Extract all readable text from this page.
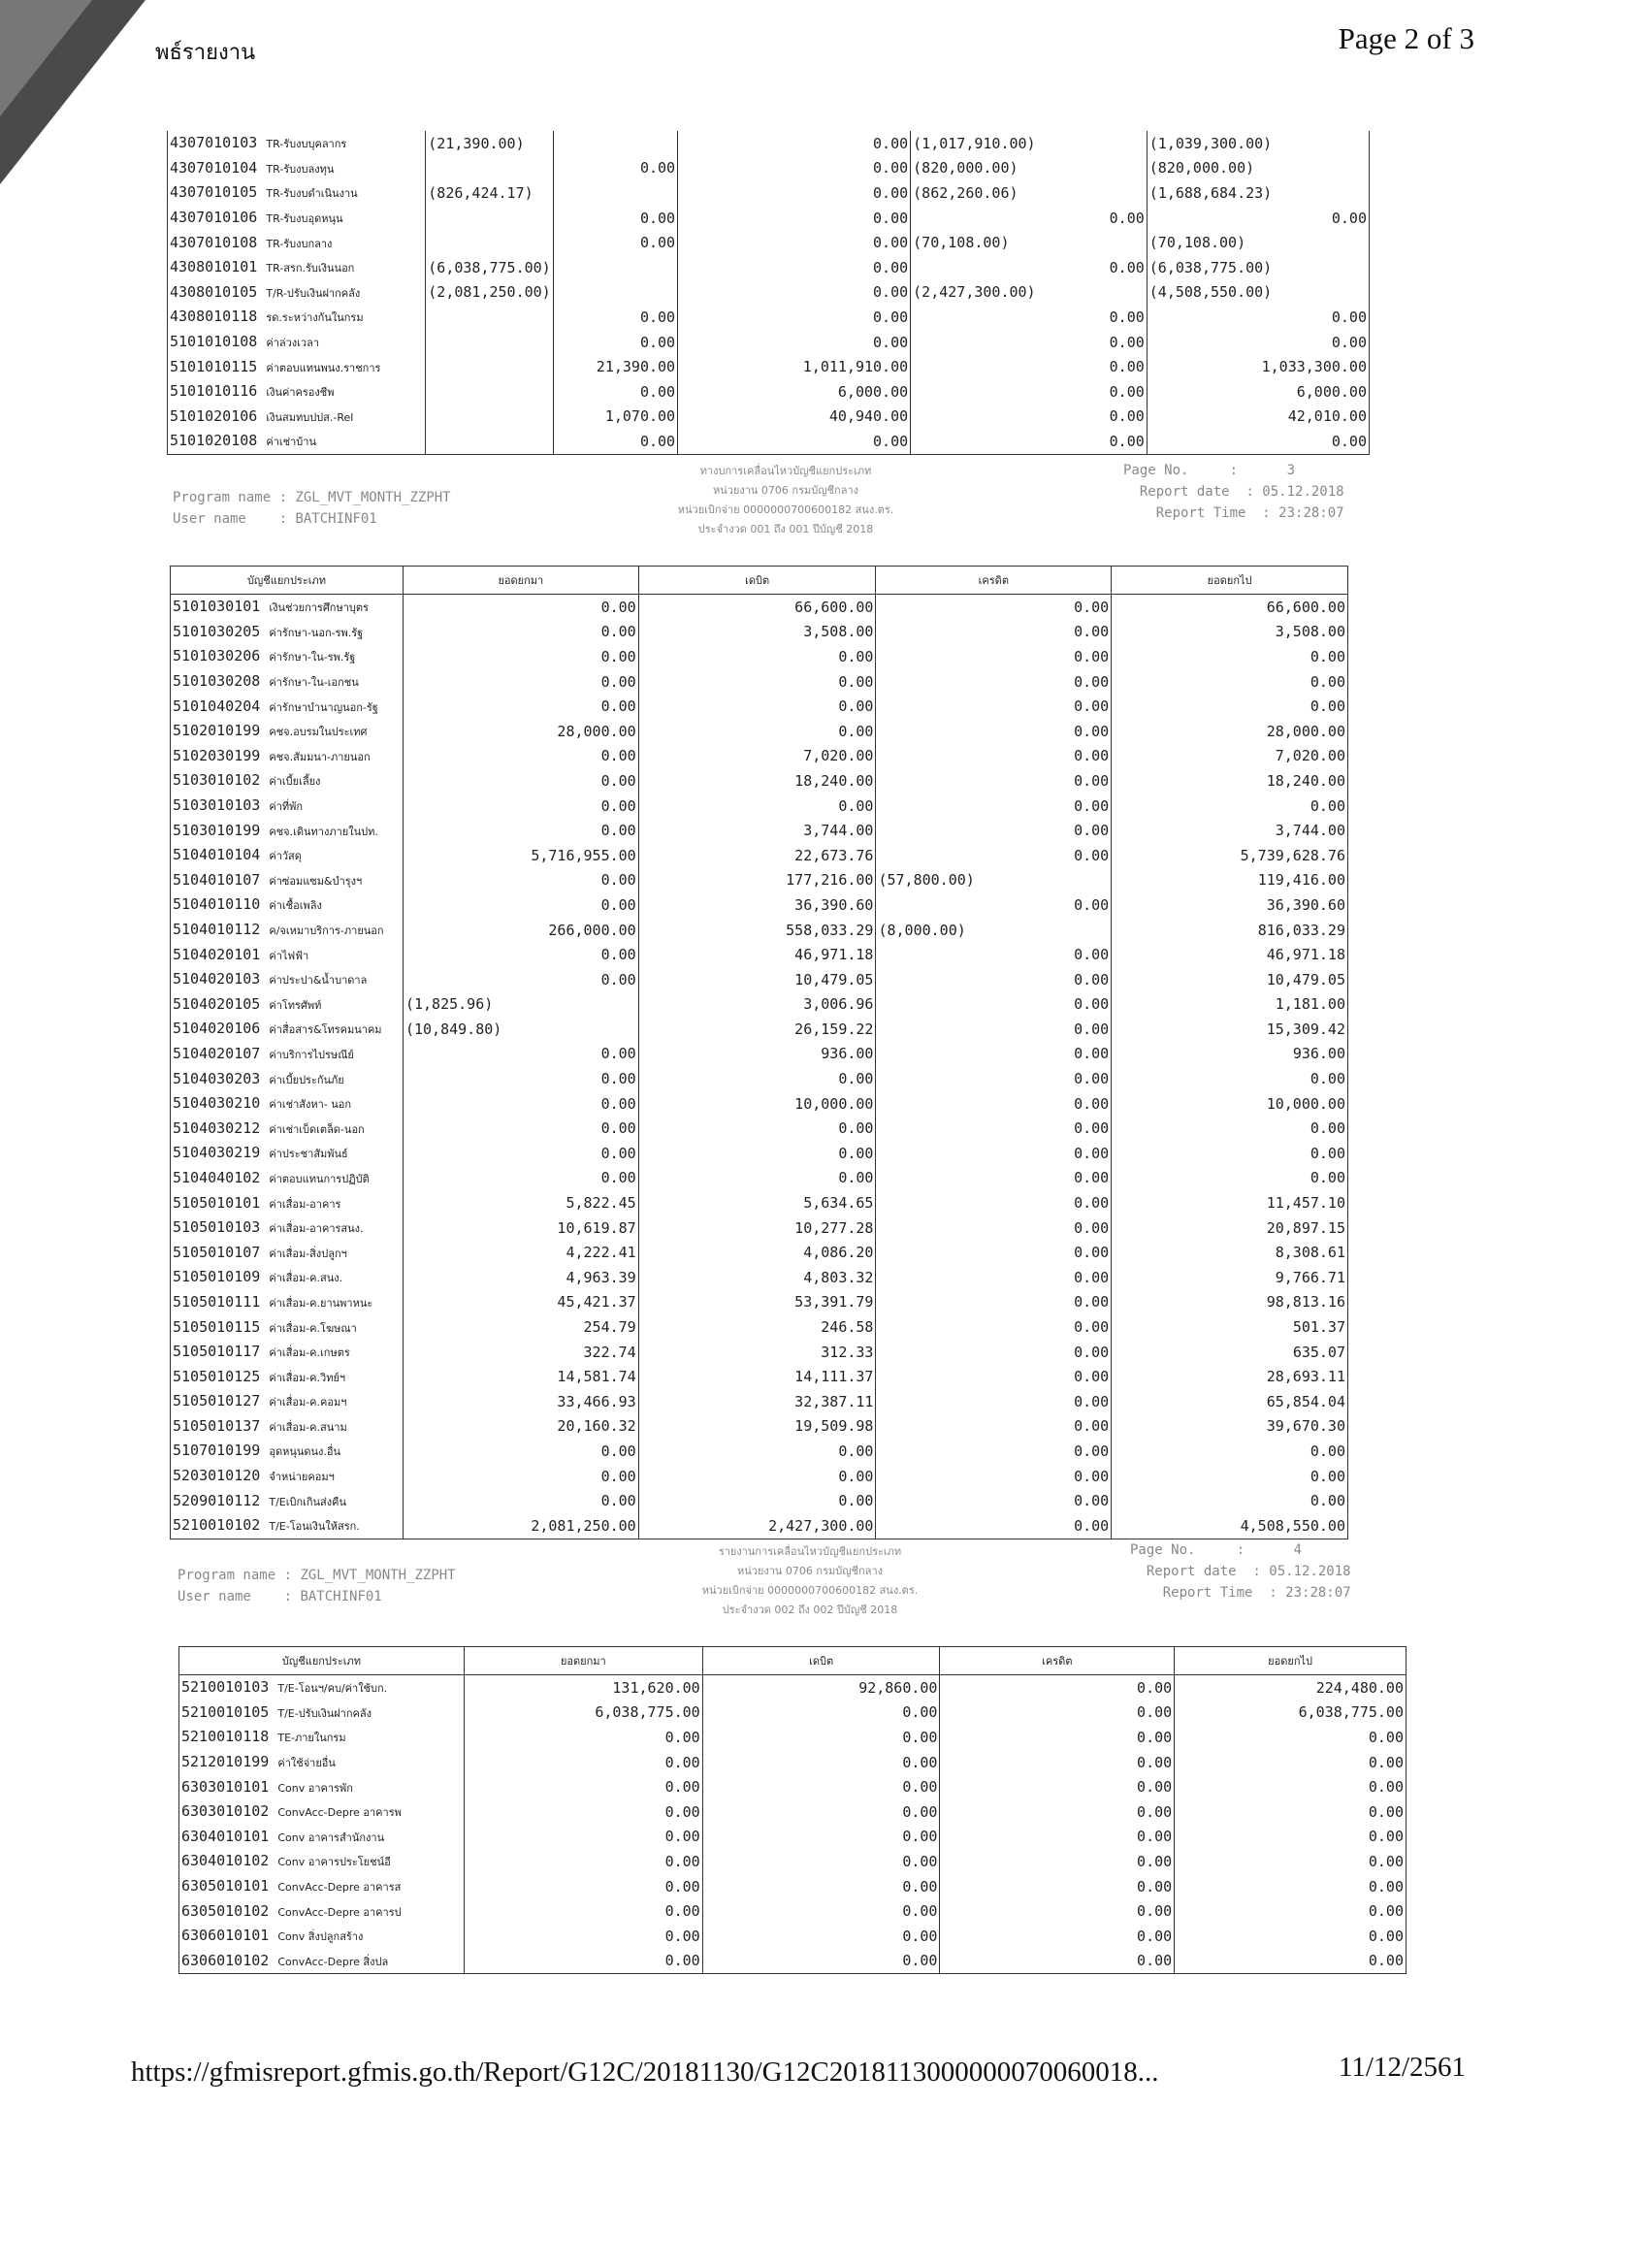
พธ์รายงาน	Page 2 of 3
4307010103 TR-รับงบบุคลากร	(21,390.00)		0.00	(1,017,910.00)	(1,039,300.00)
4307010104 TR-รับงบลงทุน		0.00	0.00	(820,000.00)	(820,000.00)
4307010105 TR-รับงบดำเนินงาน	(826,424.17)		0.00	(862,260.06)	(1,688,684.23)
4307010106 TR-รับงบอุดหนุน		0.00	0.00	0.00	0.00
4307010108 TR-รับงบกลาง		0.00	0.00	(70,108.00)	(70,108.00)
4308010101 TR-สรก.รับเงินนอก	(6,038,775.00)		0.00	0.00	(6,038,775.00)
4308010105 T/R-ปรับเงินฝากคลัง	(2,081,250.00)		0.00	(2,427,300.00)	(4,508,550.00)
4308010118 รด.ระหว่างกันในกรม		0.00	0.00	0.00	0.00
5101010108 ค่าล่วงเวลา		0.00	0.00	0.00	0.00
5101010115 ค่าตอบแทนพนง.ราชการ		21,390.00	1,011,910.00	0.00	1,033,300.00
5101010116 เงินค่าครองชีพ		0.00	6,000.00	0.00	6,000.00
5101020106 เงินสมทบปปส.-Rel		1,070.00	40,940.00	0.00	42,010.00
5101020108 ค่าเช่าบ้าน		0.00	0.00	0.00	0.00
Program name : ZGL_MVT_MONTH_ZZPHT
User name    : BATCHINF01
ทางบการเคลื่อนไหวบัญชีแยกประเภท
หน่วยงาน 0706 กรมบัญชีกลาง
หน่วยเบิกจ่าย 0000000700600182 สนง.ตร.
ประจำงวด 001 ถึง 001 ปีบัญชี 2018
Page No.     :      3
Report date  : 05.12.2018
Report Time  : 23:28:07
บัญชีแยกประเภท	ยอดยกมา	เดบิต	เครดิต	ยอดยกไป
5101030101 เงินช่วยการศึกษาบุตร	0.00	66,600.00	0.00	66,600.00
5101030205 ค่ารักษา-นอก-รพ.รัฐ	0.00	3,508.00	0.00	3,508.00
5101030206 ค่ารักษา-ใน-รพ.รัฐ	0.00	0.00	0.00	0.00
5101030208 ค่ารักษา-ใน-เอกชน	0.00	0.00	0.00	0.00
5101040204 ค่ารักษาบำนาญนอก-รัฐ	0.00	0.00	0.00	0.00
5102010199 คชจ.อบรมในประเทศ	28,000.00	0.00	0.00	28,000.00
5102030199 คชจ.สัมมนา-ภายนอก	0.00	7,020.00	0.00	7,020.00
5103010102 ค่าเบี้ยเลี้ยง	0.00	18,240.00	0.00	18,240.00
5103010103 ค่าที่พัก	0.00	0.00	0.00	0.00
5103010199 คชจ.เดินทางภายในปท.	0.00	3,744.00	0.00	3,744.00
5104010104 ค่าวัสดุ	5,716,955.00	22,673.76	0.00	5,739,628.76
5104010107 ค่าซ่อมแซม&บำรุงฯ	0.00	177,216.00	(57,800.00)	119,416.00
5104010110 ค่าเชื้อเพลิง	0.00	36,390.60	0.00	36,390.60
5104010112 ค/จเหมาบริการ-ภายนอก	266,000.00	558,033.29	(8,000.00)	816,033.29
5104020101 ค่าไฟฟ้า	0.00	46,971.18	0.00	46,971.18
5104020103 ค่าประปา&น้ำบาดาล	0.00	10,479.05	0.00	10,479.05
5104020105 ค่าโทรศัพท์	(1,825.96)	3,006.96	0.00	1,181.00
5104020106 ค่าสื่อสาร&โทรคมนาคม	(10,849.80)	26,159.22	0.00	15,309.42
5104020107 ค่าบริการไปรษณีย์	0.00	936.00	0.00	936.00
5104030203 ค่าเบี้ยประกันภัย	0.00	0.00	0.00	0.00
5104030210 ค่าเช่าสังหา- นอก	0.00	10,000.00	0.00	10,000.00
5104030212 ค่าเช่าเบ็ดเตล็ด-นอก	0.00	0.00	0.00	0.00
5104030219 ค่าประชาสัมพันธ์	0.00	0.00	0.00	0.00
5104040102 ค่าตอบแทนการปฏิบัติ	0.00	0.00	0.00	0.00
5105010101 ค่าเสื่อม-อาคาร	5,822.45	5,634.65	0.00	11,457.10
5105010103 ค่าเสื่อม-อาคารสนง.	10,619.87	10,277.28	0.00	20,897.15
5105010107 ค่าเสื่อม-สิ่งปลูกฯ	4,222.41	4,086.20	0.00	8,308.61
5105010109 ค่าเสื่อม-ค.สนง.	4,963.39	4,803.32	0.00	9,766.71
5105010111 ค่าเสื่อม-ค.ยานพาหนะ	45,421.37	53,391.79	0.00	98,813.16
5105010115 ค่าเสื่อม-ค.โฆษณา	254.79	246.58	0.00	501.37
5105010117 ค่าเสื่อม-ค.เกษตร	322.74	312.33	0.00	635.07
5105010125 ค่าเสื่อม-ค.วิทย์ฯ	14,581.74	14,111.37	0.00	28,693.11
5105010127 ค่าเสื่อม-ค.คอมฯ	33,466.93	32,387.11	0.00	65,854.04
5105010137 ค่าเสื่อม-ค.สนาม	20,160.32	19,509.98	0.00	39,670.30
5107010199 อุดหนุนดนง.อื่น	0.00	0.00	0.00	0.00
5203010120 จำหน่ายคอมฯ	0.00	0.00	0.00	0.00
5209010112 T/Eเบิกเกินส่งคืน	0.00	0.00	0.00	0.00
5210010102 T/E-โอนเงินให้สรก.	2,081,250.00	2,427,300.00	0.00	4,508,550.00
Program name : ZGL_MVT_MONTH_ZZPHT
User name    : BATCHINF01
รายงานการเคลื่อนไหวบัญชีแยกประเภท
หน่วยงาน 0706 กรมบัญชีกลาง
หน่วยเบิกจ่าย 0000000700600182 สนง.ตร.
ประจำงวด 002 ถึง 002 ปีบัญชี 2018
Page No.     :      4
Report date  : 05.12.2018
Report Time  : 23:28:07
บัญชีแยกประเภท	ยอดยกมา	เดบิต	เครดิต	ยอดยกไป
5210010103 T/E-โอนฯ/คบ/ค่าใช้บก.	131,620.00	92,860.00	0.00	224,480.00
5210010105 T/E-ปรับเงินฝากคลัง	6,038,775.00	0.00	0.00	6,038,775.00
5210010118 TE-ภายในกรม	0.00	0.00	0.00	0.00
5212010199 ค่าใช้จ่ายอื่น	0.00	0.00	0.00	0.00
6303010101 Conv อาคารพัก	0.00	0.00	0.00	0.00
6303010102 ConvAcc-Depre อาคารพ	0.00	0.00	0.00	0.00
6304010101 Conv อาคารสำนักงาน	0.00	0.00	0.00	0.00
6304010102 Conv อาคารประโยชน์อื	0.00	0.00	0.00	0.00
6305010101 ConvAcc-Depre อาคารส	0.00	0.00	0.00	0.00
6305010102 ConvAcc-Depre อาคารป	0.00	0.00	0.00	0.00
6306010101 Conv สิ่งปลูกสร้าง	0.00	0.00	0.00	0.00
6306010102 ConvAcc-Depre สิ่งปล	0.00	0.00	0.00	0.00
https://gfmisreport.gfmis.go.th/Report/G12C/20181130/G12C2018113000000070060018...	11/12/2561
